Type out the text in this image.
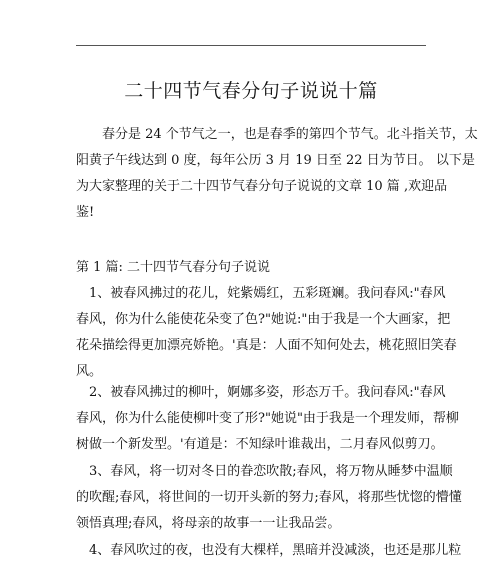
二十四节气春分句子说说十篇

　　春分是 24 个节气之一，也是春季的第四个节气。北斗指关节，太
阳黄子午线达到 0 度，每年公历 3 月 19 日至 22 日为节日。 以下是
为大家整理的关于二十四节气春分句子说说的文章 10 篇 ,欢迎品
鉴!

第 1 篇: 二十四节气春分句子说说

　1、被春风拂过的花儿，姹紫嫣红，五彩斑斓。我问春风:"春风
春风，你为什么能使花朵变了色?"她说:"由于我是一个大画家，把
花朵描绘得更加漂亮娇艳。'真是：人面不知何处去，桃花照旧笑春
风。

　2、被春风拂过的柳叶，婀娜多姿，形态万千。我问春风:"春风
春风，你为什么能使柳叶变了形?"她说"由于我是一个理发师，帮柳
树做一个新发型。'有道是：不知绿叶谁裁出，二月春风似剪刀。

　3、春风，将一切对冬日的眷恋吹散;春风，将万物从睡梦中温顺
的吹醒;春风，将世间的一切开头新的努力;春风，将那些忧惚的懵懂
领悟真理;春风，将母亲的故事一一让我品尝。

　4、春风吹过的夜，也没有大棵样，黑暗并没减淡，也还是那儿粒
